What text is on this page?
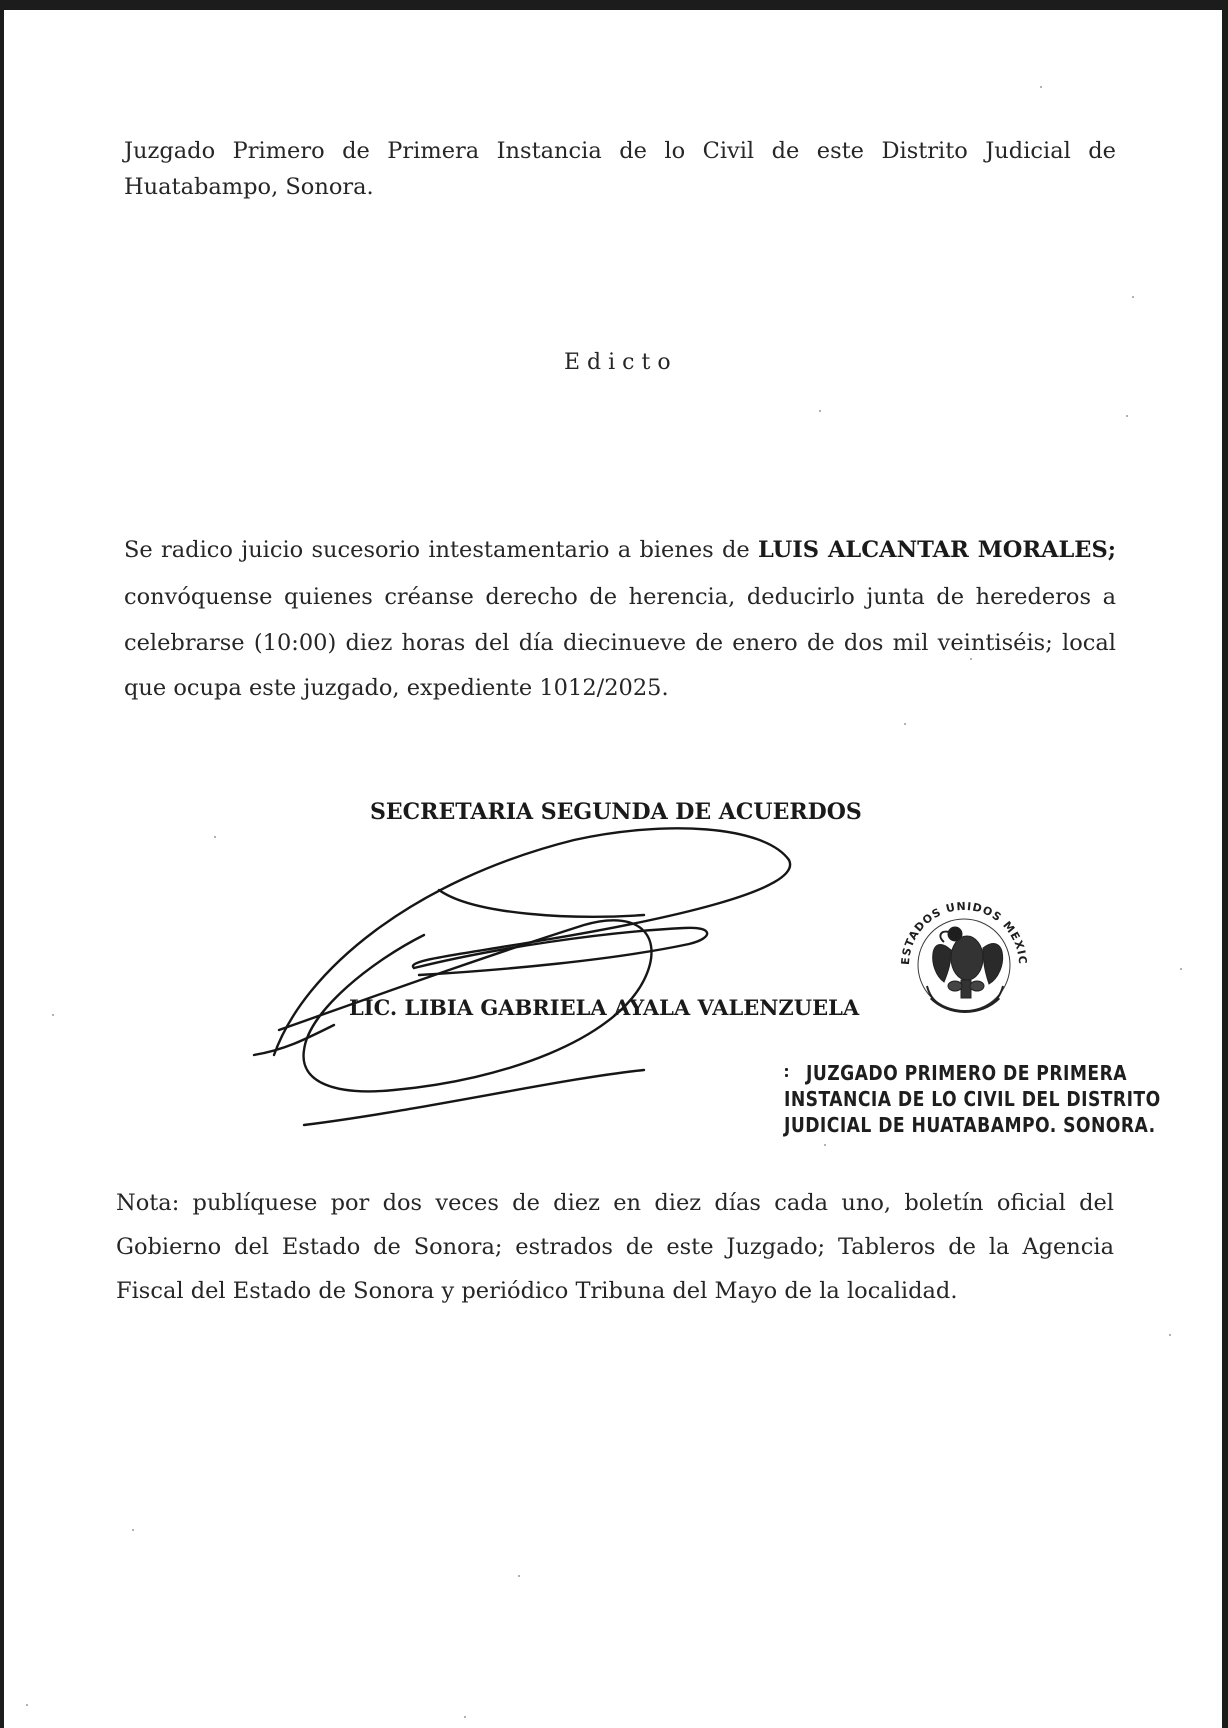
Juzgado Primero de Primera Instancia de lo Civil de este Distrito Judicial de
Huatabampo, Sonora.
Edicto
Se radico juicio sucesorio intestamentario a bienes de LUIS ALCANTAR MORALES;
convóquense quienes créanse derecho de herencia, deducirlo junta de herederos a
celebrarse (10:00) diez horas del día diecinueve de enero de dos mil veintiséis; local
que ocupa este juzgado, expediente 1012/2025.
SECRETARIA SEGUNDA DE ACUERDOS
LIC. LIBIA GABRIELA AYALA VALENZUELA
ESTADOS UNIDOS MEXICANOS
JUZGADO PRIMERO DE PRIMERA
INSTANCIA DE LO CIVIL DEL DISTRITO
JUDICIAL DE HUATABAMPO. SONORA.
Nota: publíquese por dos veces de diez en diez días cada uno, boletín oficial del
Gobierno del Estado de Sonora; estrados de este Juzgado; Tableros de la Agencia
Fiscal del Estado de Sonora y periódico Tribuna del Mayo de la localidad.
